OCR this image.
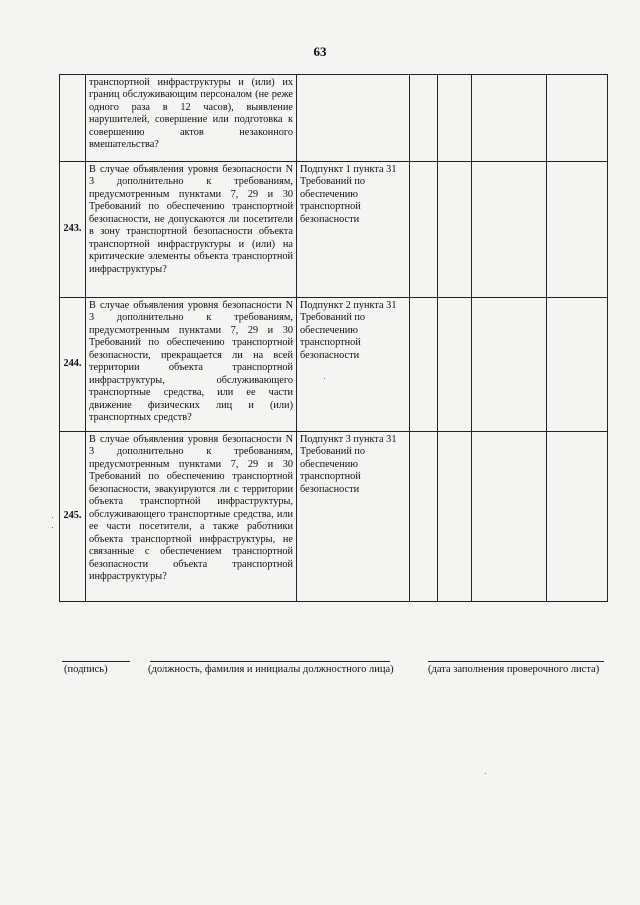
63

	транспортной инфраструктуры и (или) их границ обслуживающим персоналом (не реже одного раза в 12 часов), выявление нарушителей, совершение или подготовка к совершению актов незаконного вмешательства?					

243.	В случае объявления уровня безопасности N 3 дополнительно к требованиям, предусмотренным пунктами 7, 29 и 30 Требований по обеспечению транспортной безопасности, не допускаются ли посетители в зону транспортной безопасности объекта транспортной инфраструктуры и (или) на критические элементы объекта транспортной инфраструктуры?	Подпункт 1 пункта 31 Требований по обеспечению транспортной безопасности				

244.	В случае объявления уровня безопасности N 3 дополнительно к требованиям, предусмотренным пунктами 7, 29 и 30 Требований по обеспечению транспортной безопасности, прекращается ли на всей территории объекта транспортной инфраструктуры, обслуживающего транспортные средства, или ее части движение физических лиц и (или) транспортных средств?	Подпункт 2 пункта 31 Требований по обеспечению транспортной безопасности				

245.	В случае объявления уровня безопасности N 3 дополнительно к требованиям, предусмотренным пунктами 7, 29 и 30 Требований по обеспечению транспортной безопасности, эвакуируются ли с территории объекта транспортной инфраструктуры, обслуживающего транспортные средства, или ее части посетители, а также работники объекта транспортной инфраструктуры, не связанные с обеспечением транспортной безопасности объекта транспортной инфраструктуры?	Подпункт 3 пункта 31 Требований по обеспечению транспортной безопасности				

(подпись)	(должность, фамилия и инициалы должностного лица)	(дата заполнения проверочного листа)
